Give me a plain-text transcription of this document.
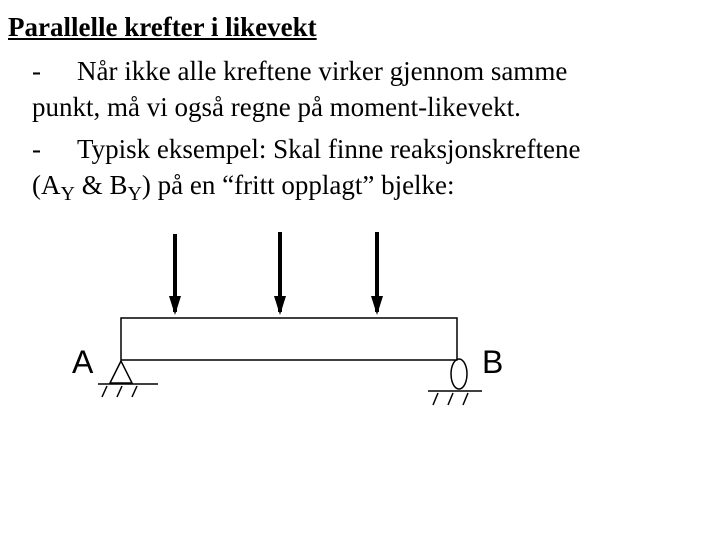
Parallelle krefter i likevekt
- Når ikke alle kreftene virker gjennom samme
punkt, må vi også regne på moment-likevekt.
- Typisk eksempel: Skal finne reaksjonskreftene
($A_Y$ & $B_Y$) på en “fritt opplagt” bjelke:
A	B
